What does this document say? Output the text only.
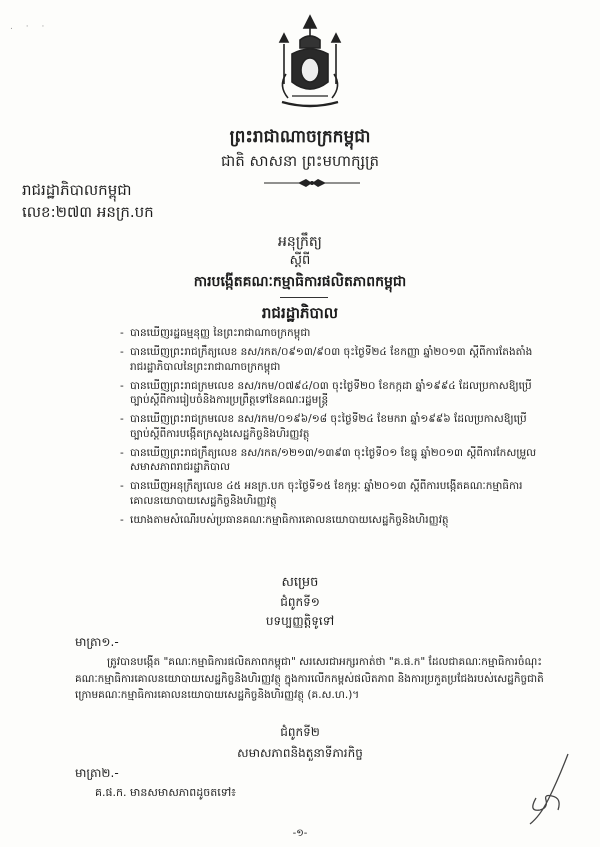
. · ·
ព្រះរាជាណាចក្រកម្ពុជា
ជាតិ សាសនា ព្រះមហាក្សត្រ
រាជរដ្ឋាភិបាលកម្ពុជា
លេខ:២៧៣ អនក្រ.បក
អនុក្រឹត្យ
ស្តីពី
ការបង្កើតគណៈកម្មាធិការផលិតភាពកម្ពុជា
រាជរដ្ឋាភិបាល
- បានឃើញរដ្ឋធម្មនុញ្ញ នៃព្រះរាជាណាចក្រកម្ពុជា
- បានឃើញព្រះរាជក្រឹត្យលេខ នស/រកត/០៩១៣/៩០៣ ចុះថ្ងៃទី២៤ ខែកញ្ញា ឆ្នាំ២០១៣ ស្តីពីការតែងតាំងរាជរដ្ឋាភិបាលនៃព្រះរាជាណាចក្រកម្ពុជា
- បានឃើញព្រះរាជក្រមលេខ នស/រកម/០៧៩៤/០៣ ចុះថ្ងៃទី២០ ខែកក្កដា ឆ្នាំ១៩៩៤ ដែលប្រកាសឱ្យប្រើច្បាប់ស្តីពីការរៀបចំនិងការប្រព្រឹត្តទៅនៃគណៈរដ្ឋមន្ត្រី
- បានឃើញព្រះរាជក្រមលេខ នស/រកម/០១៩៦/១៨ ចុះថ្ងៃទី២៤ ខែមករា ឆ្នាំ១៩៩៦ ដែលប្រកាសឱ្យប្រើច្បាប់ស្តីពីការបង្កើតក្រសួងសេដ្ឋកិច្ចនិងហិរញ្ញវត្ថុ
- បានឃើញព្រះរាជក្រឹត្យលេខ នស/រកត/១២១៣/១៣៩៣ ចុះថ្ងៃទី០១ ខែធ្នូ ឆ្នាំ២០១៣ ស្តីពីការកែសម្រួលសមាសភាពរាជរដ្ឋាភិបាល
- បានឃើញអនុក្រឹត្យលេខ ៤៥ អនក្រ.បក ចុះថ្ងៃទី១៥ ខែកុម្ភៈ ឆ្នាំ២០១៣ ស្តីពីការបង្កើតគណៈកម្មាធិការគោលនយោបាយសេដ្ឋកិច្ចនិងហិរញ្ញវត្ថុ
- យោងតាមសំណើរបស់ប្រធានគណៈកម្មាធិការគោលនយោបាយសេដ្ឋកិច្ចនិងហិរញ្ញវត្ថុ
សម្រេច
ជំពូកទី១
បទប្បញ្ញត្តិទូទៅ
មាត្រា១.-

ត្រូវបានបង្កើត "គណៈកម្មាធិការផលិតភាពកម្ពុជា" សរសេរជាអក្សរកាត់ថា "គ.ផ.ក" ដែលជាគណៈកម្មាធិការចំណុះគណៈកម្មាធិការគោលនយោបាយសេដ្ឋកិច្ចនិងហិរញ្ញវត្ថុ ក្នុងការលើកកម្ពស់ផលិតភាព និងការប្រកួតប្រជែងរបស់សេដ្ឋកិច្ចជាតិ ក្រោមគណៈកម្មាធិការគោលនយោបាយសេដ្ឋកិច្ចនិងហិរញ្ញវត្ថុ (គ.ស.ហ.)។

ជំពូកទី២
សមាសភាពនិងតួនាទីភារកិច្ច
មាត្រា២.-
គ.ផ.ក. មានសមាសភាពដូចតទៅ៖
-១-
